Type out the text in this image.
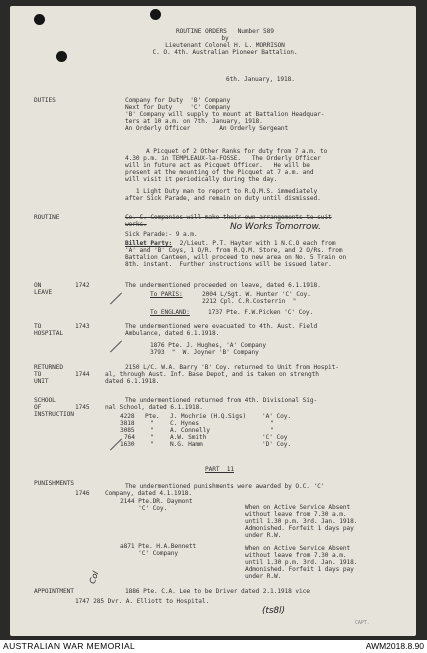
ROUTINE ORDERS   Number 589
by
Lieutenant Colonel H. L. MORRISON
C. O. 4th. Australian Pioneer Battalion.
6th. January, 1918.
DUTIES	Company for Duty  'B' Company
Next for Duty     'C' Company
'B' Company will supply to mount at Battalion Headquar-
ters at 10 a.m. on 7th. January, 1918.
An Orderly Officer        An Orderly Sergeant
A Picquet of 2 Other Ranks for duty from 7 a.m. to
4.30 p.m. in TEMPLEAUX-la-FOSSE.   The Orderly Officer
will in future act as Picquet Officer.   He will be
present at the mounting of the Picquet at 7 a.m. and
will visit it periodically during the day.
1 Light Duty man to report to R.Q.M.S. immediately
after Sick Parade, and remain on duty until dismissed.
ROUTINE	Co. C. Companies will make their own arrangements to suit
works.
Sick Parade:- 9 a.m.
No Works Tomorrow.
Billet Party: 2/Lieut. P.T. Hayter with 1 N.C.O each from
'A' and 'B' Coys, 1 O/R. from R.Q.M. Store, and 2 O/Rs. from
Battalion Canteen, will proceed to new area on No. 5 Train on
8th. instant.  Further instructions will be issued later.
ON
LEAVE
1742	The undermentioned proceeded on leave, dated 6.1.1918.
To PARIS:	2004 L/Sgt. W. Hunter 'C' Coy.
2212 Cpl. C.R.Costerrin  "
To ENGLAND:	1737 Pte. F.W.Picken 'C' Coy.
TO
HOSPITAL
1743	The undermentioned were evacuated to 4th. Aust. Field
Ambulance, dated 6.1.1918.
1876 Pte. J. Hughes, 'A' Company
3793  "  W. Joyner 'B' Company
RETURNED
TO
UNIT
1744
2150 L/C. W.A. Barry 'B' Coy. returned to Unit from Hospit-
al, through Aust. Inf. Base Depot, and is taken on strength
dated 6.1.1918.
SCHOOL
OF
INSTRUCTION
1745
The undermentioned returned from 4th. Divisional Sig-
nal School, dated 6.1.1918.
4228 Pte. J. Mochrie (H.Q.Sigs)	'A' Coy.
3818 "	C. Hynes	"
3085 "	A. Connelly	"
764 "	A.W. Smith	'C' Coy
1630 "	N.G. Hamm	'D' Coy.
PART  11
PUNISHMENTS
1746
The undermentioned punishments were awarded by O.C. 'C'
Company, dated 4.1.1918.
2144 Pte.DR. Daymont
'C' Coy.	When on Active Service Absent
without leave from 7.30 a.m.
until 1.30 p.m. 3rd. Jan. 1918.
Admonished. Forfeit 1 days pay
under R.W.
a871 Pte. H.A.Bennett
'C' Company
When on Active Service Absent
without leave from 7.30 a.m.
until 1.30 p.m. 3rd. Jan. 1918.
Admonished. Forfeit 1 days pay
under R.W.
APPOINTMENT	1886 Pte. C.A. Lee to be Driver dated 2.1.1918 vice
1747 285 Dvr. A. Elliott to Hospital.
Col
(ts8l)
CAPT.
AUSTRALIAN WAR MEMORIAL	AWM2018.8.90
